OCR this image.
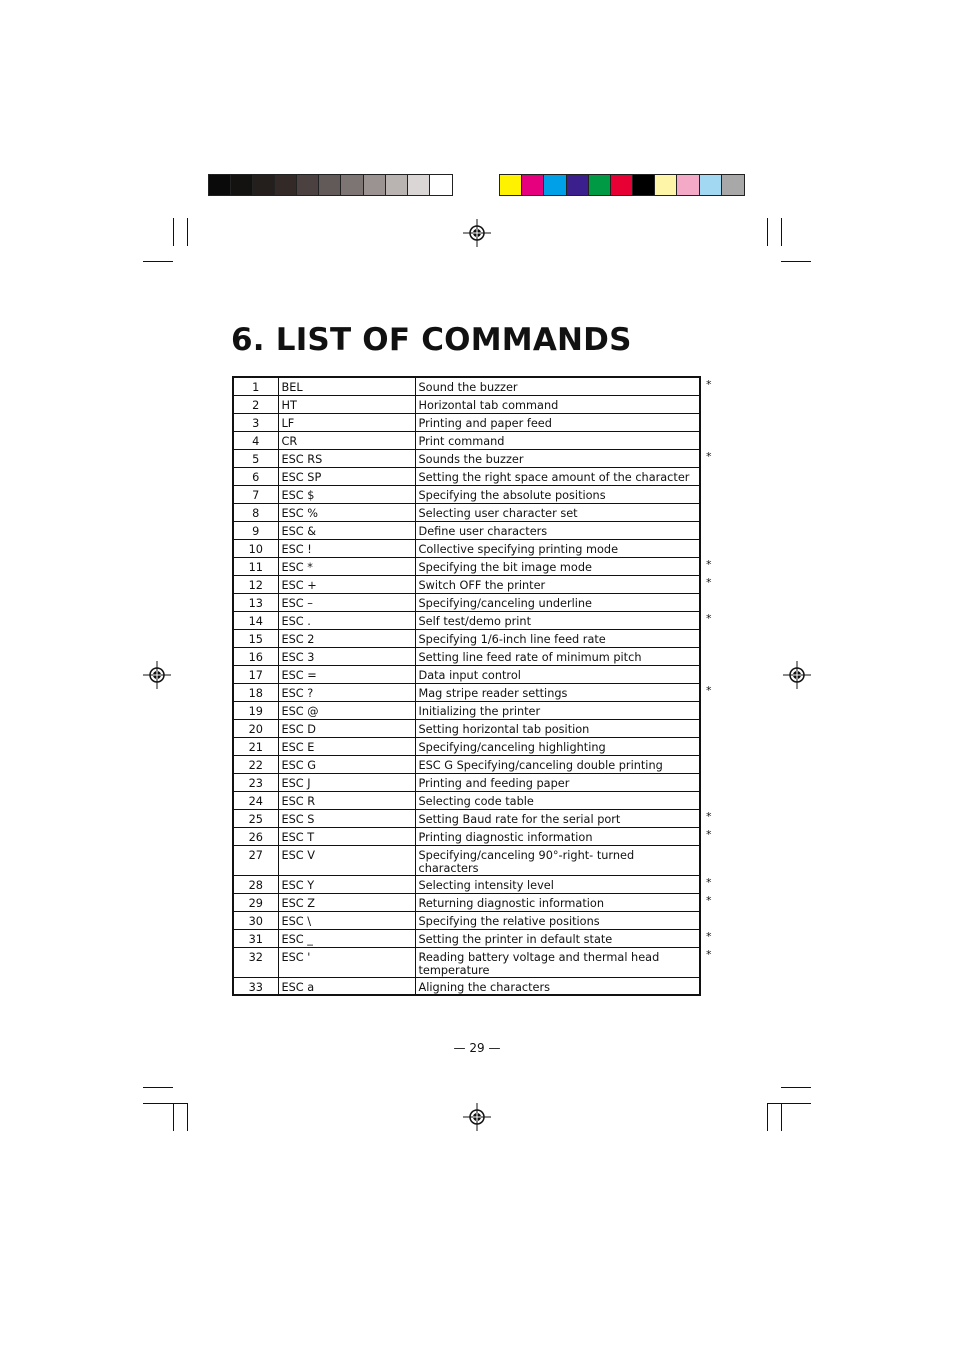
6. LIST OF COMMANDS
1	BEL	Sound the buzzer
2	HT	Horizontal tab command
3	LF	Printing and paper feed
4	CR	Print command
5	ESC RS	Sounds the buzzer
6	ESC SP	Setting the right space amount of the character
7	ESC $	Specifying the absolute positions
8	ESC %	Selecting user character set
9	ESC &	Define user characters
10	ESC !	Collective specifying printing mode
11	ESC *	Specifying the bit image mode
12	ESC +	Switch OFF the printer
13	ESC –	Specifying/canceling underline
14	ESC .	Self test/demo print
15	ESC 2	Specifying 1/6-inch line feed rate
16	ESC 3	Setting line feed rate of minimum pitch
17	ESC =	Data input control
18	ESC ?	Mag stripe reader settings
19	ESC @	Initializing the printer
20	ESC D	Setting horizontal tab position
21	ESC E	Specifying/canceling highlighting
22	ESC G	ESC G Specifying/canceling double printing
23	ESC J	Printing and feeding paper
24	ESC R	Selecting code table
25	ESC S	Setting Baud rate for the serial port
26	ESC T	Printing diagnostic information
27	ESC V	Specifying/canceling 90°-right- turned characters
28	ESC Y	Selecting intensity level
29	ESC Z	Returning diagnostic information
30	ESC \	Specifying the relative positions
31	ESC _	Setting the printer in default state
32	ESC '	Reading battery voltage and thermal head temperature
33	ESC a	Aligning the characters
*
*
*
*
*
*
*
*
*
*
*
*
— 29 —
